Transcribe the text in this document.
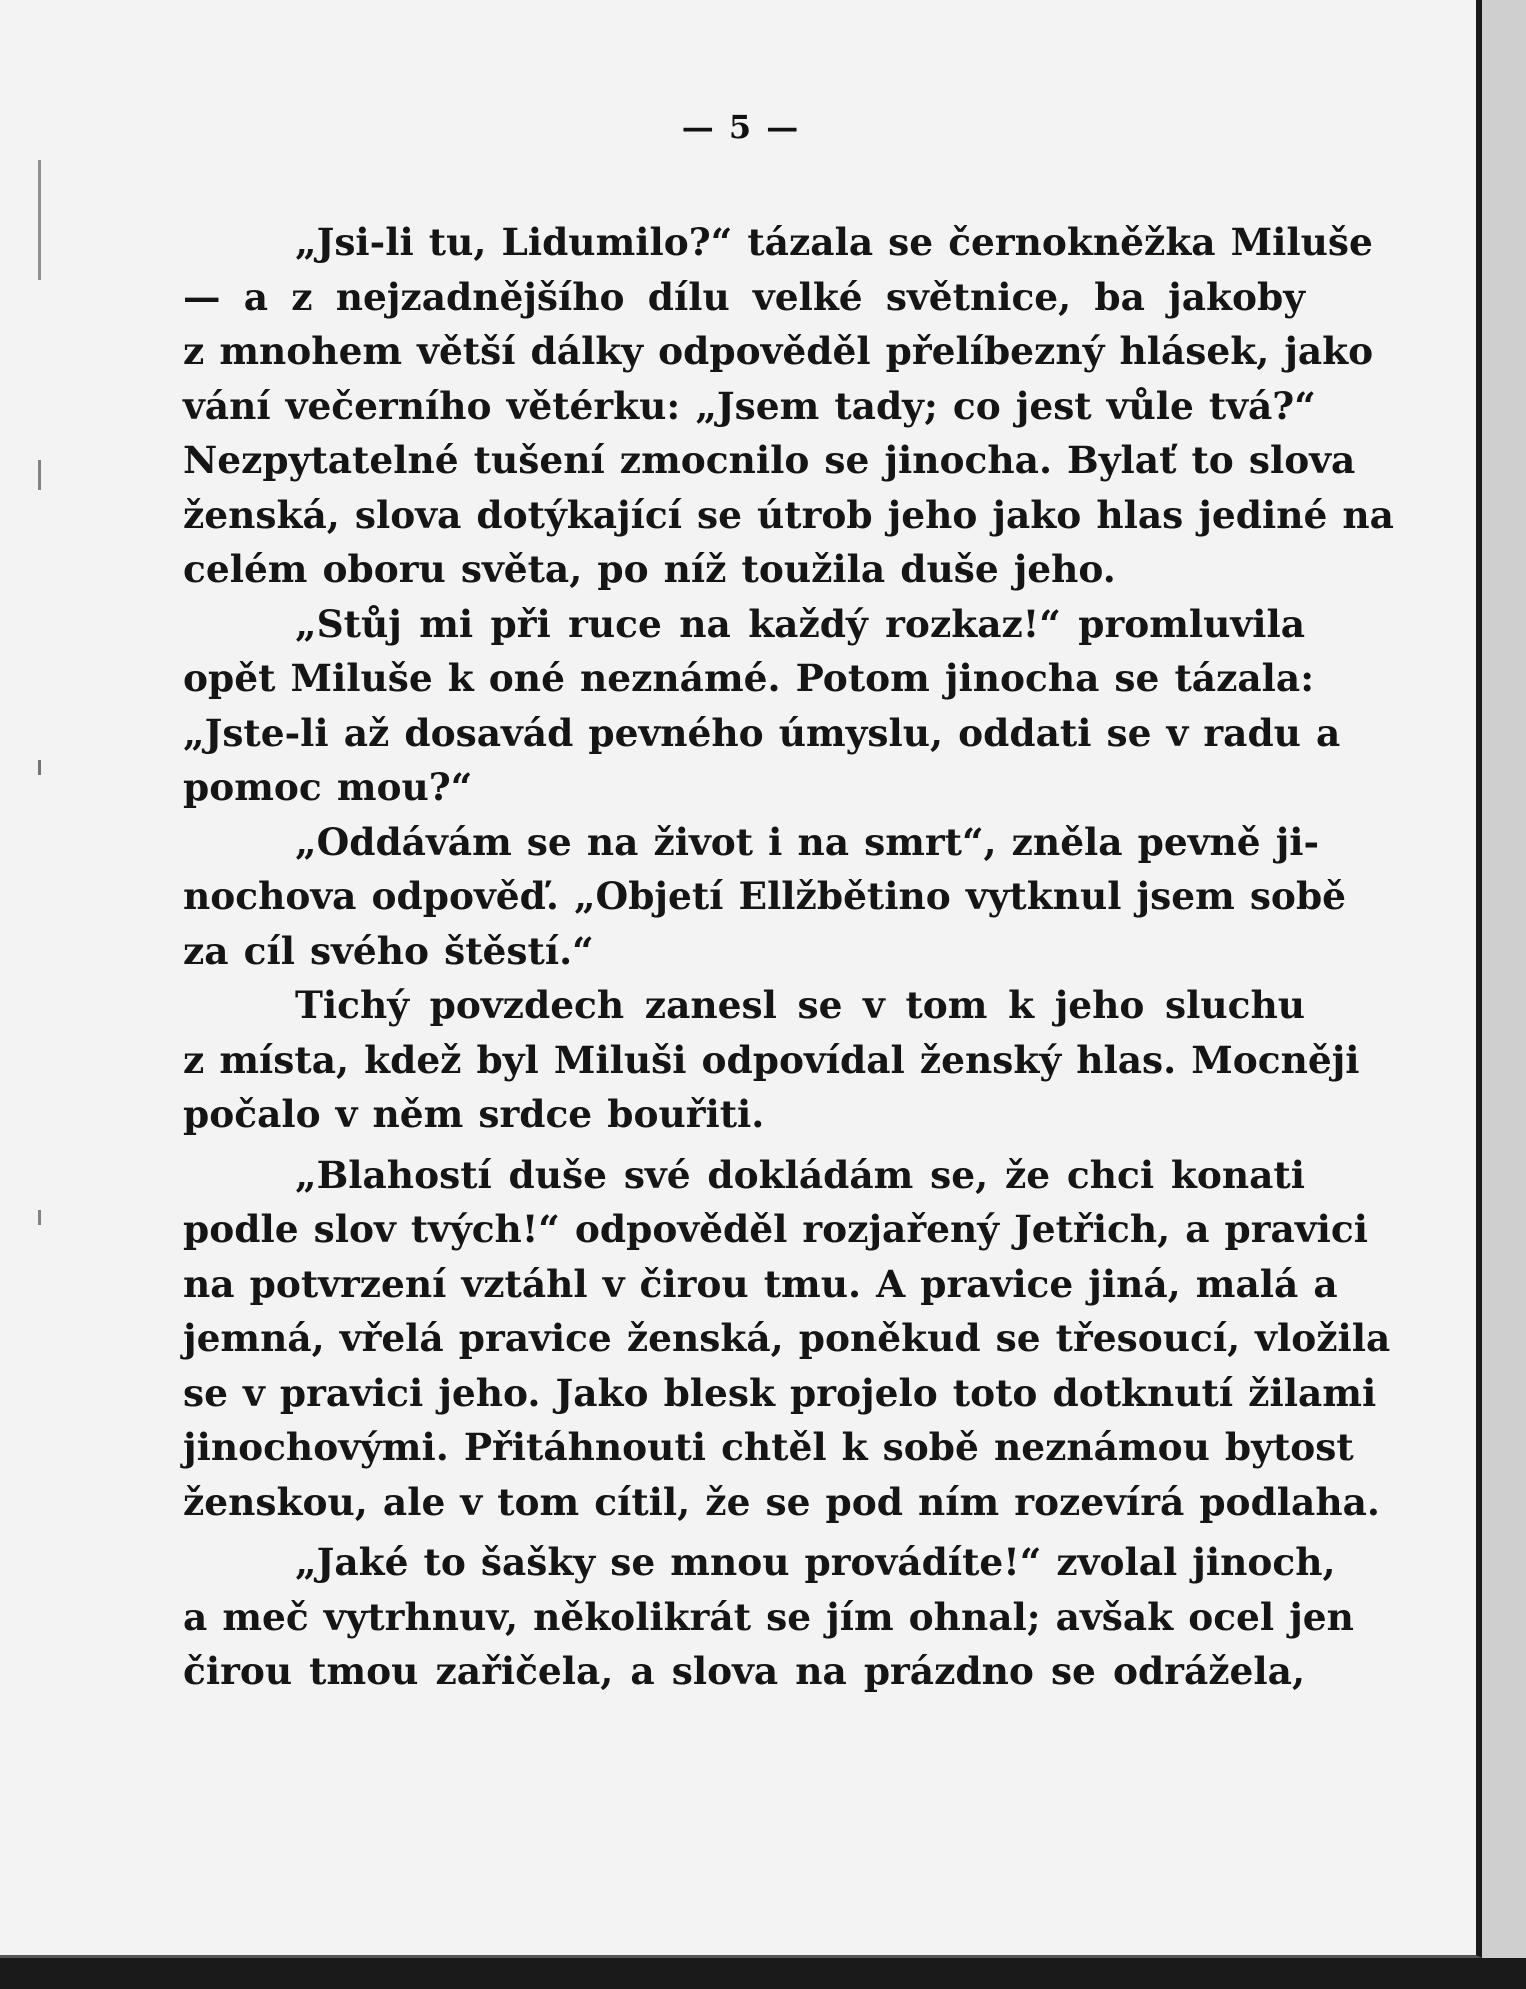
— 5 —
„Jsi-li tu, Lidumilo?“ tázala se černokněžka Miluše
— a z nejzadnějšího dílu velké světnice, ba jakoby
z mnohem větší dálky odpověděl přelíbezný hlásek, jako
vání večerního větérku: „Jsem tady; co jest vůle tvá?“
Nezpytatelné tušení zmocnilo se jinocha. Bylať to slova
ženská, slova dotýkající se útrob jeho jako hlas jediné na
celém oboru světa, po níž toužila duše jeho.
„Stůj mi při ruce na každý rozkaz!“ promluvila
opět Miluše k oné neznámé. Potom jinocha se tázala:
„Jste-li až dosavád pevného úmyslu, oddati se v radu a
pomoc mou?“
„Oddávám se na život i na smrt“, zněla pevně ji-
nochova odpověď. „Objetí Ellžbětino vytknul jsem sobě
za cíl svého štěstí.“
Tichý povzdech zanesl se v tom k jeho sluchu
z místa, kdež byl Miluši odpovídal ženský hlas. Mocněji
počalo v něm srdce bouřiti.
„Blahostí duše své dokládám se, že chci konati
podle slov tvých!“ odpověděl rozjařený Jetřich, a pravici
na potvrzení vztáhl v čirou tmu. A pravice jiná, malá a
jemná, vřelá pravice ženská, poněkud se třesoucí, vložila
se v pravici jeho. Jako blesk projelo toto dotknutí žilami
jinochovými. Přitáhnouti chtěl k sobě neznámou bytost
ženskou, ale v tom cítil, že se pod ním rozevírá podlaha.
„Jaké to šašky se mnou provádíte!“ zvolal jinoch,
a meč vytrhnuv, několikrát se jím ohnal; avšak ocel jen
čirou tmou zařičela, a slova na prázdno se odrážela,
